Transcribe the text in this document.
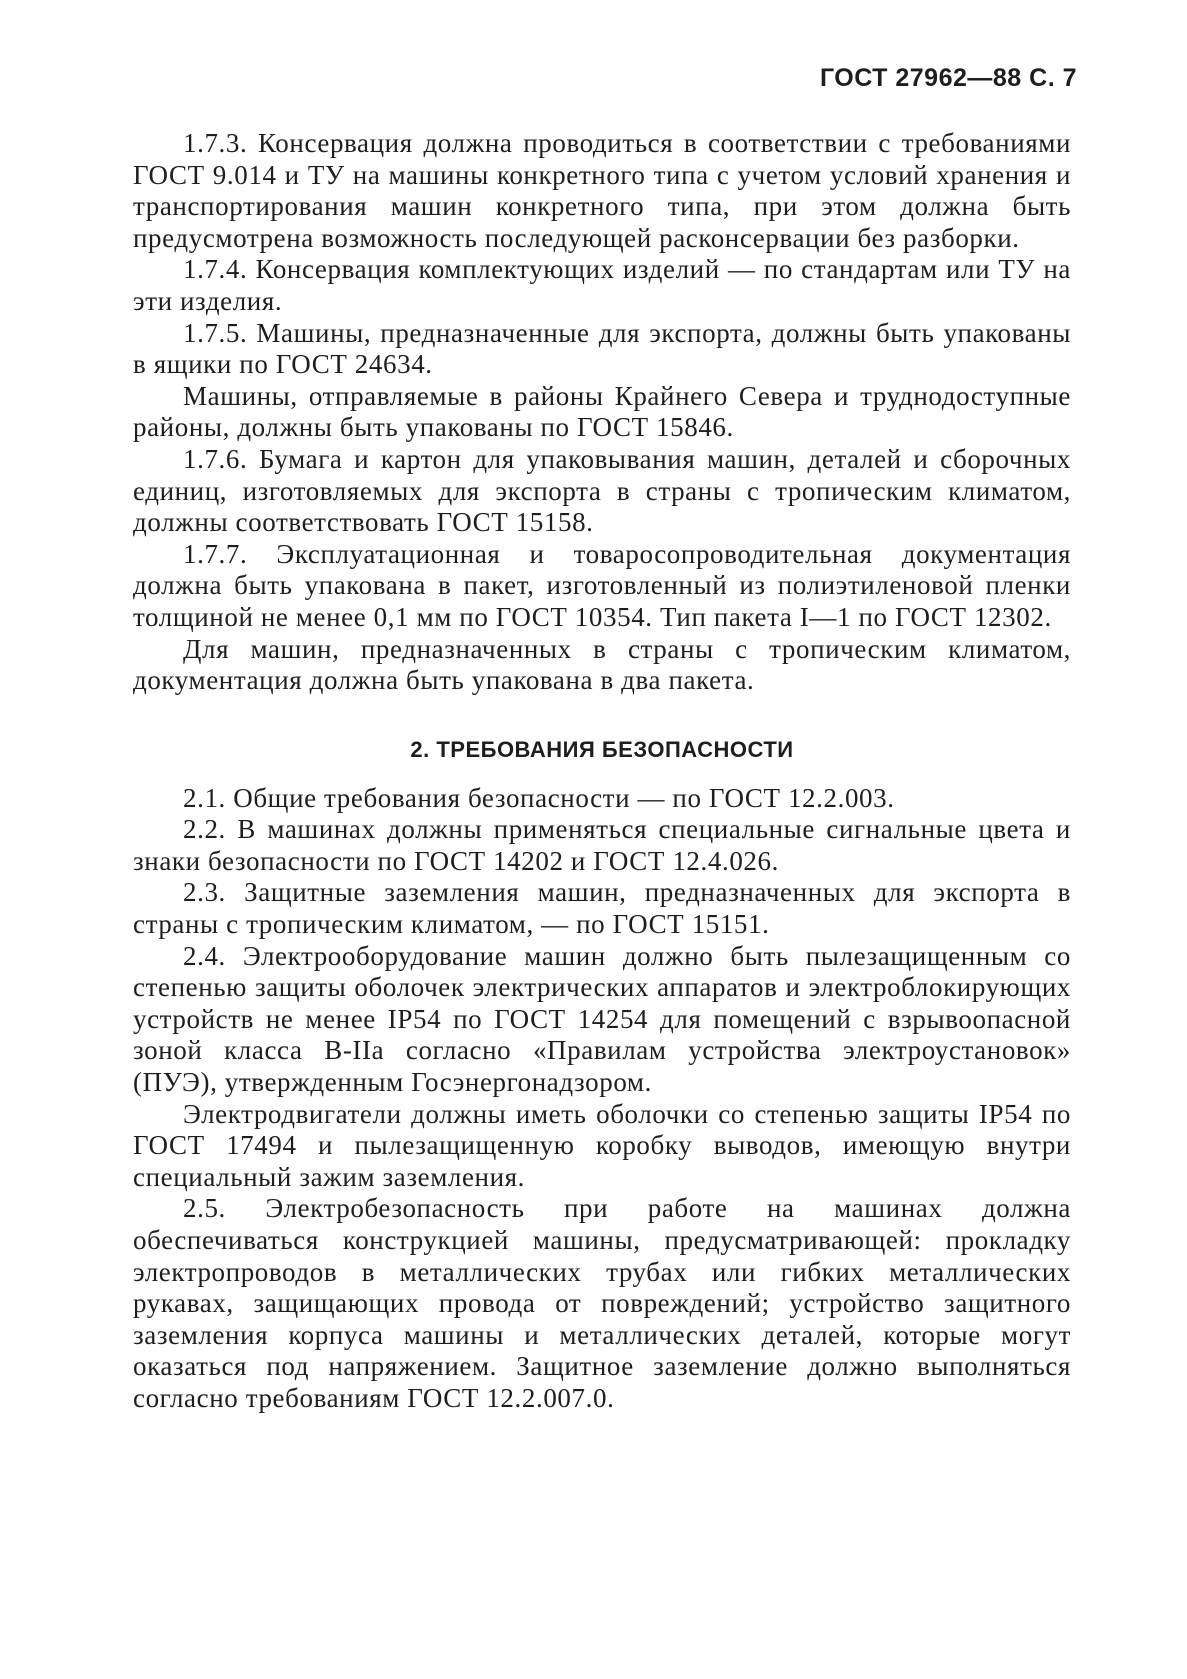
ГОСТ 27962—88 С. 7

1.7.3. Консервация должна проводиться в соответствии с требованиями ГОСТ 9.014 и ТУ на машины конкретного типа с учетом условий хранения и транспортирования машин конкретного типа, при этом должна быть предусмотрена возможность последующей расконсервации без разборки.

1.7.4. Консервация комплектующих изделий — по стандартам или ТУ на эти изделия.

1.7.5. Машины, предназначенные для экспорта, должны быть упакованы в ящики по ГОСТ 24634.

Машины, отправляемые в районы Крайнего Севера и труднодоступные районы, должны быть упакованы по ГОСТ 15846.

1.7.6. Бумага и картон для упаковывания машин, деталей и сборочных единиц, изготовляемых для экспорта в страны с тропическим климатом, должны соответствовать ГОСТ 15158.

1.7.7. Эксплуатационная и товаросопроводительная документация должна быть упакована в пакет, изготовленный из полиэтиленовой пленки толщиной не менее 0,1 мм по ГОСТ 10354. Тип пакета I—1 по ГОСТ 12302.

Для машин, предназначенных в страны с тропическим климатом, документация должна быть упакована в два пакета.

2. ТРЕБОВАНИЯ БЕЗОПАСНОСТИ

2.1. Общие требования безопасности — по ГОСТ 12.2.003.

2.2. В машинах должны применяться специальные сигнальные цвета и знаки безопасности по ГОСТ 14202 и ГОСТ 12.4.026.

2.3. Защитные заземления машин, предназначенных для экспорта в страны с тропическим климатом, — по ГОСТ 15151.

2.4. Электрооборудование машин должно быть пылезащищенным со степенью защиты оболочек электрических аппаратов и электроблокирующих устройств не менее IP54 по ГОСТ 14254 для помещений с взрывоопасной зоной класса В-IIа согласно «Правилам устройства электроустановок» (ПУЭ), утвержденным Госэнергонадзором.

Электродвигатели должны иметь оболочки со степенью защиты IP54 по ГОСТ 17494 и пылезащищенную коробку выводов, имеющую внутри специальный зажим заземления.

2.5. Электробезопасность при работе на машинах должна обеспечиваться конструкцией машины, предусматривающей: прокладку электропроводов в металлических трубах или гибких металлических рукавах, защищающих провода от повреждений; устройство защитного заземления корпуса машины и металлических деталей, которые могут оказаться под напряжением. Защитное заземление должно выполняться согласно требованиям ГОСТ 12.2.007.0.
